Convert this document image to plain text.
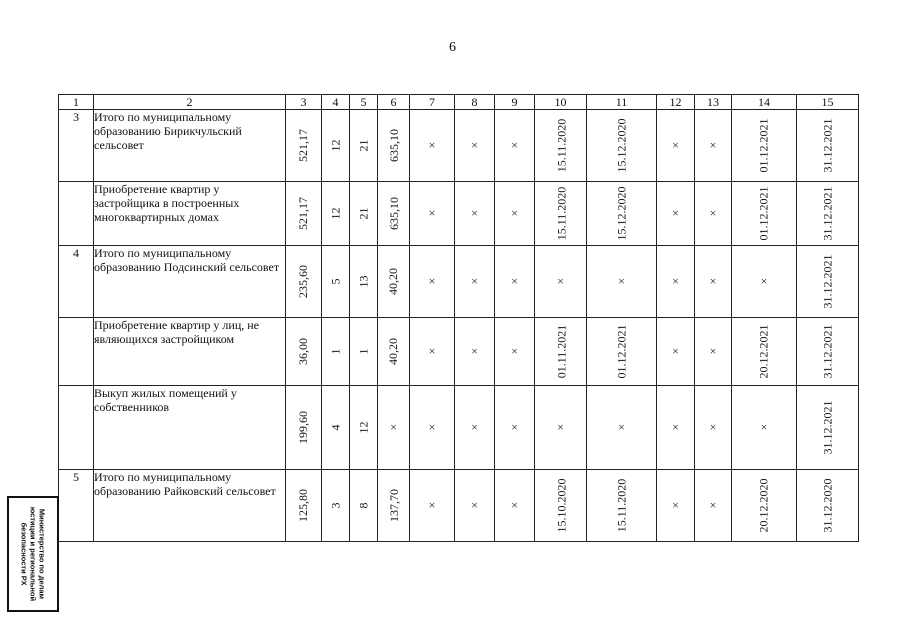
6
1	2	3	4	5	6	7	8	9	10	11	12	13	14	15
3	Итого по муниципальному образованию Бирикчульский сельсовет	521,17	12	21	635,10	×	×	×	15.11.2020	15.12.2020	×	×	01.12.2021	31.12.2021
	Приобретение квартир у застройщика в построенных многоквартирных домах	521,17	12	21	635,10	×	×	×	15.11.2020	15.12.2020	×	×	01.12.2021	31.12.2021
4	Итого по муниципальному образованию Подсинский сельсовет	235,60	5	13	40,20	×	×	×	×	×	×	×	×	31.12.2021
	Приобретение квартир у лиц, не являющихся застройщиком	36,00	1	1	40,20	×	×	×	01.11.2021	01.12.2021	×	×	20.12.2021	31.12.2021
	Выкуп жилых помещений у собственников	199,60	4	12	×	×	×	×	×	×	×	×	×	31.12.2021
5	Итого по муниципальному образованию Райковский сельсовет	125,80	3	8	137,70	×	×	×	15.10.2020	15.11.2020	×	×	20.12.2020	31.12.2020
Министерство по делам юстиции и региональной безопасности РХ
